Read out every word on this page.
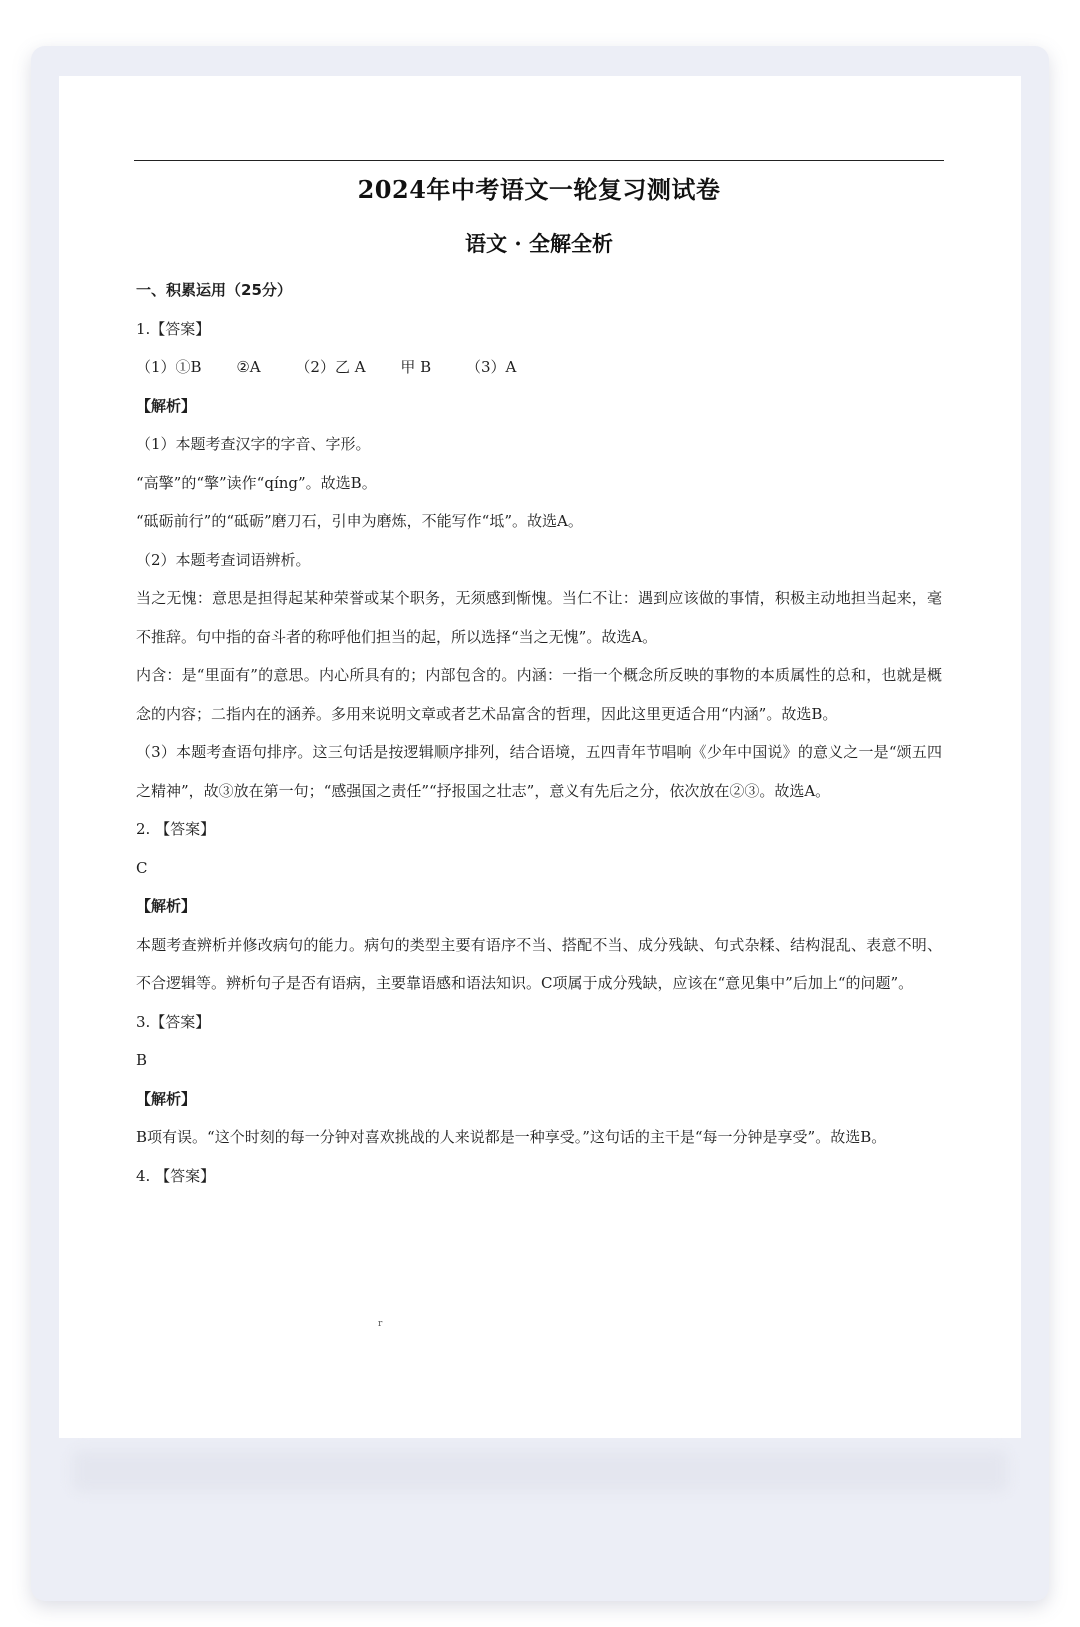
2024年中考语文一轮复习测试卷
语文 · 全解全析
一、积累运用（25分）
1.【答案】
（1）①B ②A （2）乙 A 甲 B （3）A
【解析】
（1）本题考查汉字的字音、字形。
“高擎”的“擎”读作“qíng”。故选B。
“砥砺前行”的“砥砺”磨刀石，引申为磨炼，不能写作“坻”。故选A。
（2）本题考查词语辨析。
当之无愧：意思是担得起某种荣誉或某个职务，无须感到惭愧。当仁不让：遇到应该做的事情，积极主动地担当起来，毫不推辞。句中指的奋斗者的称呼他们担当的起，所以选择“当之无愧”。故选A。
内含：是“里面有”的意思。内心所具有的；内部包含的。内涵：一指一个概念所反映的事物的本质属性的总和，也就是概念的内容；二指内在的涵养。多用来说明文章或者艺术品富含的哲理，因此这里更适合用“内涵”。故选B。
（3）本题考查语句排序。这三句话是按逻辑顺序排列，结合语境，五四青年节唱响《少年中国说》的意义之一是“颂五四之精神”，故③放在第一句；“感强国之责任”“抒报国之壮志”，意义有先后之分，依次放在②③。故选A。
2. 【答案】
C
【解析】
本题考查辨析并修改病句的能力。病句的类型主要有语序不当、搭配不当、成分残缺、句式杂糅、结构混乱、表意不明、不合逻辑等。辨析句子是否有语病，主要靠语感和语法知识。C项属于成分残缺，应该在“意见集中”后加上“的问题”。
3.【答案】
B
【解析】
B项有误。“这个时刻的每一分钟对喜欢挑战的人来说都是一种享受。”这句话的主干是“每一分钟是享受”。故选B。
4. 【答案】
r
